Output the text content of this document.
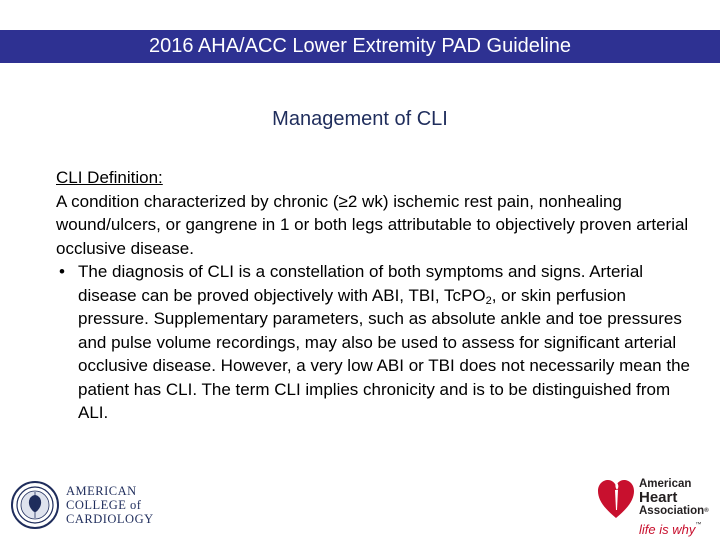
2016 AHA/ACC Lower Extremity PAD Guideline
Management of CLI
CLI Definition:
A condition characterized by chronic (≥2 wk) ischemic rest pain, nonhealing wound/ulcers, or gangrene in 1 or both legs attributable to objectively proven arterial occlusive disease.
• The diagnosis of CLI is a constellation of both symptoms and signs. Arterial disease can be proved objectively with ABI, TBI, TcPO$_2$, or skin perfusion pressure. Supplementary parameters, such as absolute ankle and toe pressures and pulse volume recordings, may also be used to assess for significant arterial occlusive disease. However, a very low ABI or TBI does not necessarily mean the patient has CLI. The term CLI implies chronicity and is to be distinguished from ALI.
AMERICAN
COLLEGE of
CARDIOLOGY
American
Heart
Association®
life is why™
